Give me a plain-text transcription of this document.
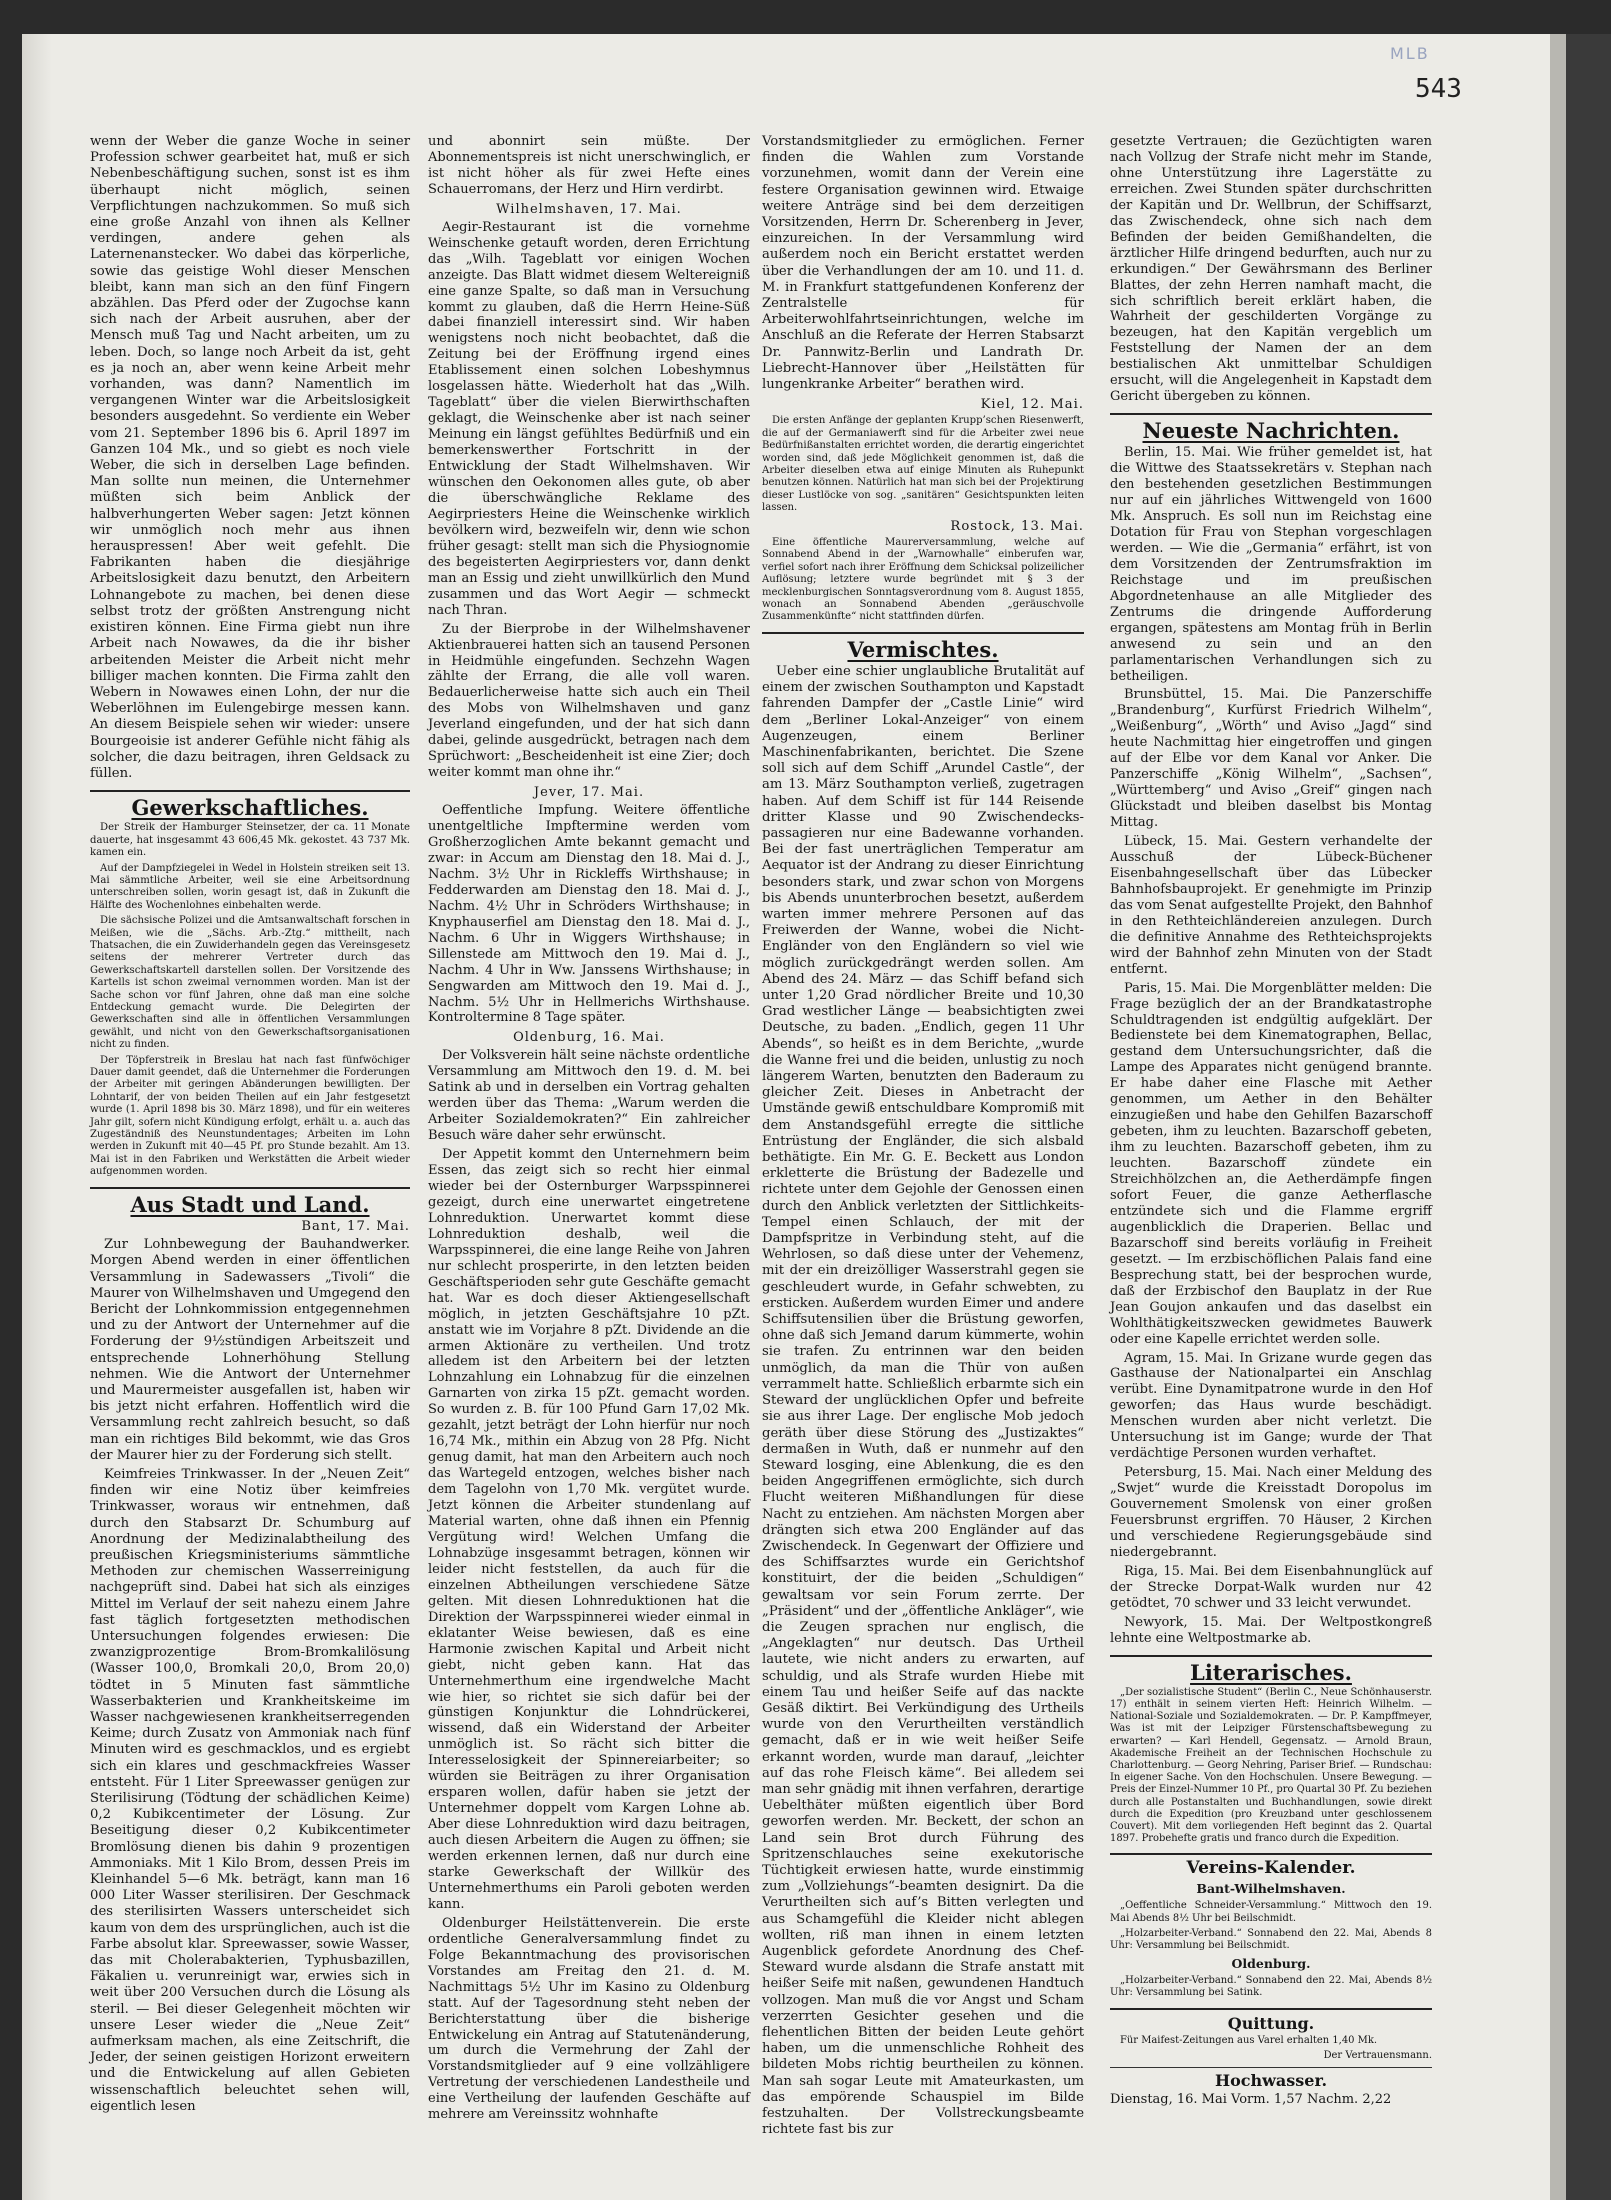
MLB
543

wenn der Weber die ganze Woche in seiner Profession schwer gearbeitet hat, muß er sich Nebenbeschäftigung suchen, sonst ist es ihm überhaupt nicht möglich, seinen Verpflichtungen nachzukommen. So muß sich eine große Anzahl von ihnen als Kellner verdingen, andere gehen als Laternenanstecker. Wo dabei das körperliche, sowie das geistige Wohl dieser Menschen bleibt, kann man sich an den fünf Fingern abzählen. Das Pferd oder der Zugochse kann sich nach der Arbeit ausruhen, aber der Mensch muß Tag und Nacht arbeiten, um zu leben. Doch, so lange noch Arbeit da ist, geht es ja noch an, aber wenn keine Arbeit mehr vorhanden, was dann? Namentlich im vergangenen Winter war die Arbeitslosigkeit besonders ausgedehnt. So verdiente ein Weber vom 21. September 1896 bis 6. April 1897 im Ganzen 104 Mk., und so giebt es noch viele Weber, die sich in derselben Lage befinden. Man sollte nun meinen, die Unternehmer müßten sich beim Anblick der halbverhungerten Weber sagen: Jetzt können wir unmöglich noch mehr aus ihnen herauspressen! Aber weit gefehlt. Die Fabrikanten haben die diesjährige Arbeitslosigkeit dazu benutzt, den Arbeitern Lohnangebote zu machen, bei denen diese selbst trotz der größten Anstrengung nicht existiren können. Eine Firma giebt nun ihre Arbeit nach Nowawes, da die ihr bisher arbeitenden Meister die Arbeit nicht mehr billiger machen konnten. Die Firma zahlt den Webern in Nowawes einen Lohn, der nur die Weberlöhnen im Eulengebirge messen kann. An diesem Beispiele sehen wir wieder: unsere Bourgeoisie ist anderer Gefühle nicht fähig als solcher, die dazu beitragen, ihren Geldsack zu füllen.

Gewerkschaftliches.

Der Streik der Hamburger Steinsetzer, der ca. 11 Monate dauerte, hat insgesammt 43 606,45 Mk. gekostet. 43 737 Mk. kamen ein.

Auf der Dampfziegelei in Wedel in Holstein streiken seit 13. Mai sämmtliche Arbeiter, weil sie eine Arbeitsordnung unterschreiben sollen, worin gesagt ist, daß in Zukunft die Hälfte des Wochenlohnes einbehalten werde.

Die sächsische Polizei und die Amtsanwaltschaft forschen in Meißen, wie die „Sächs. Arb.-Ztg.“ mittheilt, nach Thatsachen, die ein Zuwiderhandeln gegen das Vereinsgesetz seitens der mehrerer Vertreter durch das Gewerkschaftskartell darstellen sollen. Der Vorsitzende des Kartells ist schon zweimal vernommen worden. Man ist der Sache schon vor fünf Jahren, ohne daß man eine solche Entdeckung gemacht wurde. Die Delegirten der Gewerkschaften sind alle in öffentlichen Versammlungen gewählt, und nicht von den Gewerkschaftsorganisationen nicht zu finden.

Der Töpferstreik in Breslau hat nach fast fünfwöchiger Dauer damit geendet, daß die Unternehmer die Forderungen der Arbeiter mit geringen Abänderungen bewilligten. Der Lohntarif, der von beiden Theilen auf ein Jahr festgesetzt wurde (1. April 1898 bis 30. März 1898), und für ein weiteres Jahr gilt, sofern nicht Kündigung erfolgt, erhält u. a. auch das Zugeständniß des Neunstundentages; Arbeiten im Lohn werden in Zukunft mit 40—45 Pf. pro Stunde bezahlt. Am 13. Mai ist in den Fabriken und Werkstätten die Arbeit wieder aufgenommen worden.

Aus Stadt und Land.
Bant, 17. Mai.

Zur Lohnbewegung der Bauhandwerker. Morgen Abend werden in einer öffentlichen Versammlung in Sadewassers „Tivoli“ die Maurer von Wilhelmshaven und Umgegend den Bericht der Lohnkommission entgegennehmen und zu der Antwort der Unternehmer auf die Forderung der 9½stündigen Arbeitszeit und entsprechende Lohnerhöhung Stellung nehmen. Wie die Antwort der Unternehmer und Maurermeister ausgefallen ist, haben wir bis jetzt nicht erfahren. Hoffentlich wird die Versammlung recht zahlreich besucht, so daß man ein richtiges Bild bekommt, wie das Gros der Maurer hier zu der Forderung sich stellt.

Keimfreies Trinkwasser. In der „Neuen Zeit“ finden wir eine Notiz über keimfreies Trinkwasser, woraus wir entnehmen, daß durch den Stabsarzt Dr. Schumburg auf Anordnung der Medizinalabtheilung des preußischen Kriegsministeriums sämmtliche Methoden zur chemischen Wasserreinigung nachgeprüft sind. Dabei hat sich als einziges Mittel im Verlauf der seit nahezu einem Jahre fast täglich fortgesetzten methodischen Untersuchungen folgendes erwiesen: Die zwanzigprozentige Brom-Bromkalilösung (Wasser 100,0, Bromkali 20,0, Brom 20,0) tödtet in 5 Minuten fast sämmtliche Wasserbakterien und Krankheitskeime im Wasser nachgewiesenen krankheitserregenden Keime; durch Zusatz von Ammoniak nach fünf Minuten wird es geschmacklos, und es ergiebt sich ein klares und geschmackfreies Wasser entsteht. Für 1 Liter Spreewasser genügen zur Sterilisirung (Tödtung der schädlichen Keime) 0,2 Kubikcentimeter der Lösung. Zur Beseitigung dieser 0,2 Kubikcentimeter Bromlösung dienen bis dahin 9 prozentigen Ammoniaks. Mit 1 Kilo Brom, dessen Preis im Kleinhandel 5—6 Mk. beträgt, kann man 16 000 Liter Wasser sterilisiren. Der Geschmack des sterilisirten Wassers unterscheidet sich kaum von dem des ursprünglichen, auch ist die Farbe absolut klar. Spreewasser, sowie Wasser, das mit Cholerabakterien, Typhusbazillen, Fäkalien u. verunreinigt war, erwies sich in weit über 200 Versuchen durch die Lösung als steril. — Bei dieser Gelegenheit möchten wir unsere Leser wieder die „Neue Zeit“ aufmerksam machen, als eine Zeitschrift, die Jeder, der seinen geistigen Horizont erweitern und die Entwickelung auf allen Gebieten wissenschaftlich beleuchtet sehen will, eigentlich lesen

und abonnirt sein müßte. Der Abonnementspreis ist nicht unerschwinglich, er ist nicht höher als für zwei Hefte eines Schauerromans, der Herz und Hirn verdirbt.

Wilhelmshaven, 17. Mai.

Aegir-Restaurant ist die vornehme Weinschenke getauft worden, deren Errichtung das „Wilh. Tageblatt vor einigen Wochen anzeigte. Das Blatt widmet diesem Weltereigniß eine ganze Spalte, so daß man in Versuchung kommt zu glauben, daß die Herrn Heine-Süß dabei finanziell interessirt sind. Wir haben wenigstens noch nicht beobachtet, daß die Zeitung bei der Eröffnung irgend eines Etablissement einen solchen Lobeshymnus losgelassen hätte. Wiederholt hat das „Wilh. Tageblatt“ über die vielen Bierwirthschaften geklagt, die Weinschenke aber ist nach seiner Meinung ein längst gefühltes Bedürfniß und ein bemerkenswerther Fortschritt in der Entwicklung der Stadt Wilhelmshaven. Wir wünschen den Oekonomen alles gute, ob aber die überschwängliche Reklame des Aegirpriesters Heine die Weinschenke wirklich bevölkern wird, bezweifeln wir, denn wie schon früher gesagt: stellt man sich die Physiognomie des begeisterten Aegirpriesters vor, dann denkt man an Essig und zieht unwillkürlich den Mund zusammen und das Wort Aegir — schmeckt nach Thran.

Zu der Bierprobe in der Wilhelmshavener Aktienbrauerei hatten sich an tausend Personen in Heidmühle eingefunden. Sechzehn Wagen zählte der Errang, die alle voll waren. Bedauerlicherweise hatte sich auch ein Theil des Mobs von Wilhelmshaven und ganz Jeverland eingefunden, und der hat sich dann dabei, gelinde ausgedrückt, betragen nach dem Sprüchwort: „Bescheidenheit ist eine Zier; doch weiter kommt man ohne ihr.“

Jever, 17. Mai.

Oeffentliche Impfung. Weitere öffentliche unentgeltliche Impftermine werden vom Großherzoglichen Amte bekannt gemacht und zwar: in Accum am Dienstag den 18. Mai d. J., Nachm. 3½ Uhr in Rickleffs Wirthshause; in Fedderwarden am Dienstag den 18. Mai d. J., Nachm. 4½ Uhr in Schröders Wirthshause; in Knyphauserfiel am Dienstag den 18. Mai d. J., Nachm. 6 Uhr in Wiggers Wirthshause; in Sillenstede am Mittwoch den 19. Mai d. J., Nachm. 4 Uhr in Ww. Janssens Wirthshause; in Sengwarden am Mittwoch den 19. Mai d. J., Nachm. 5½ Uhr in Hellmerichs Wirthshause. Kontroltermine 8 Tage später.

Oldenburg, 16. Mai.

Der Volksverein hält seine nächste ordentliche Versammlung am Mittwoch den 19. d. M. bei Satink ab und in derselben ein Vortrag gehalten werden über das Thema: „Warum werden die Arbeiter Sozialdemokraten?“ Ein zahlreicher Besuch wäre daher sehr erwünscht.

Der Appetit kommt den Unternehmern beim Essen, das zeigt sich so recht hier einmal wieder bei der Osternburger Warpsspinnerei gezeigt, durch eine unerwartet eingetretene Lohnreduktion. Unerwartet kommt diese Lohnreduktion deshalb, weil die Warpsspinnerei, die eine lange Reihe von Jahren nur schlecht prosperirte, in den letzten beiden Geschäftsperioden sehr gute Geschäfte gemacht hat. War es doch dieser Aktiengesellschaft möglich, in jetzten Geschäftsjahre 10 pZt. anstatt wie im Vorjahre 8 pZt. Dividende an die armen Aktionäre zu vertheilen. Und trotz alledem ist den Arbeitern bei der letzten Lohnzahlung ein Lohnabzug für die einzelnen Garnarten von zirka 15 pZt. gemacht worden. So wurden z. B. für 100 Pfund Garn 17,02 Mk. gezahlt, jetzt beträgt der Lohn hierfür nur noch 16,74 Mk., mithin ein Abzug von 28 Pfg. Nicht genug damit, hat man den Arbeitern auch noch das Wartegeld entzogen, welches bisher nach dem Tagelohn von 1,70 Mk. vergütet wurde. Jetzt können die Arbeiter stundenlang auf Material warten, ohne daß ihnen ein Pfennig Vergütung wird! Welchen Umfang die Lohnabzüge insgesammt betragen, können wir leider nicht feststellen, da auch für die einzelnen Abtheilungen verschiedene Sätze gelten. Mit diesen Lohnreduktionen hat die Direktion der Warpsspinnerei wieder einmal in eklatanter Weise bewiesen, daß es eine Harmonie zwischen Kapital und Arbeit nicht giebt, nicht geben kann. Hat das Unternehmerthum eine irgendwelche Macht wie hier, so richtet sie sich dafür bei der günstigen Konjunktur die Lohndrückerei, wissend, daß ein Widerstand der Arbeiter unmöglich ist. So rächt sich bitter die Interesselosigkeit der Spinnereiarbeiter; so würden sie Beiträgen zu ihrer Organisation ersparen wollen, dafür haben sie jetzt der Unternehmer doppelt vom Kargen Lohne ab. Aber diese Lohnreduktion wird dazu beitragen, auch diesen Arbeitern die Augen zu öffnen; sie werden erkennen lernen, daß nur durch eine starke Gewerkschaft der Willkür des Unternehmerthums ein Paroli geboten werden kann.

Oldenburger Heilstättenverein. Die erste ordentliche Generalversammlung findet zu Folge Bekanntmachung des provisorischen Vorstandes am Freitag den 21. d. M. Nachmittags 5½ Uhr im Kasino zu Oldenburg statt. Auf der Tagesordnung steht neben der Berichterstattung über die bisherige Entwickelung ein Antrag auf Statutenänderung, um durch die Vermehrung der Zahl der Vorstandsmitglieder auf 9 eine vollzähligere Vertretung der verschiedenen Landestheile und eine Vertheilung der laufenden Geschäfte auf mehrere am Vereinssitz wohnhafte

Vorstandsmitglieder zu ermöglichen. Ferner finden die Wahlen zum Vorstande vorzunehmen, womit dann der Verein eine festere Organisation gewinnen wird. Etwaige weitere Anträge sind bei dem derzeitigen Vorsitzenden, Herrn Dr. Scherenberg in Jever, einzureichen. In der Versammlung wird außerdem noch ein Bericht erstattet werden über die Verhandlungen der am 10. und 11. d. M. in Frankfurt stattgefundenen Konferenz der Zentralstelle für Arbeiterwohlfahrtseinrichtungen, welche im Anschluß an die Referate der Herren Stabsarzt Dr. Pannwitz-Berlin und Landrath Dr. Liebrecht-Hannover über „Heilstätten für lungenkranke Arbeiter“ berathen wird.

Kiel, 12. Mai.

Die ersten Anfänge der geplanten Krupp’schen Riesenwerft, die auf der Germaniawerft sind für die Arbeiter zwei neue Bedürfnißanstalten errichtet worden, die derartig eingerichtet worden sind, daß jede Möglichkeit genommen ist, daß die Arbeiter dieselben etwa auf einige Minuten als Ruhepunkt benutzen können. Natürlich hat man sich bei der Projektirung dieser Lustlöcke von sog. „sanitären“ Gesichtspunkten leiten lassen.

Rostock, 13. Mai.

Eine öffentliche Maurerversammlung, welche auf Sonnabend Abend in der „Warnowhalle“ einberufen war, verfiel sofort nach ihrer Eröffnung dem Schicksal polizeilicher Auflösung; letztere wurde begründet mit § 3 der mecklenburgischen Sonntagsverordnung vom 8. August 1855, wonach an Sonnabend Abenden „geräuschvolle Zusammenkünfte“ nicht stattfinden dürfen.

Vermischtes.

Ueber eine schier unglaubliche Brutalität auf einem der zwischen Southampton und Kapstadt fahrenden Dampfer der „Castle Linie“ wird dem „Berliner Lokal-Anzeiger“ von einem Augenzeugen, einem Berliner Maschinenfabrikanten, berichtet. Die Szene soll sich auf dem Schiff „Arundel Castle“, der am 13. März Southampton verließ, zugetragen haben. Auf dem Schiff ist für 144 Reisende dritter Klasse und 90 Zwischendecks-passagieren nur eine Badewanne vorhanden. Bei der fast unerträglichen Temperatur am Aequator ist der Andrang zu dieser Einrichtung besonders stark, und zwar schon von Morgens bis Abends ununterbrochen besetzt, außerdem warten immer mehrere Personen auf das Freiwerden der Wanne, wobei die Nicht-Engländer von den Engländern so viel wie möglich zurückgedrängt werden sollen. Am Abend des 24. März — das Schiff befand sich unter 1,20 Grad nördlicher Breite und 10,30 Grad westlicher Länge — beabsichtigten zwei Deutsche, zu baden. „Endlich, gegen 11 Uhr Abends“, so heißt es in dem Berichte, „wurde die Wanne frei und die beiden, unlustig zu noch längerem Warten, benutzten den Baderaum zu gleicher Zeit. Dieses in Anbetracht der Umstände gewiß entschuldbare Kompromiß mit dem Anstandsgefühl erregte die sittliche Entrüstung der Engländer, die sich alsbald bethätigte. Ein Mr. G. E. Beckett aus London erkletterte die Brüstung der Badezelle und richtete unter dem Gejohle der Genossen einen durch den Anblick verletzten der Sittlichkeits-Tempel einen Schlauch, der mit der Dampfspritze in Verbindung steht, auf die Wehrlosen, so daß diese unter der Vehemenz, mit der ein dreizölliger Wasserstrahl gegen sie geschleudert wurde, in Gefahr schwebten, zu ersticken. Außerdem wurden Eimer und andere Schiffsutensilien über die Brüstung geworfen, ohne daß sich Jemand darum kümmerte, wohin sie trafen. Zu entrinnen war den beiden unmöglich, da man die Thür von außen verrammelt hatte. Schließlich erbarmte sich ein Steward der unglücklichen Opfer und befreite sie aus ihrer Lage. Der englische Mob jedoch geräth über diese Störung des „Justizaktes“ dermaßen in Wuth, daß er nunmehr auf den Steward losging, eine Ablenkung, die es den beiden Angegriffenen ermöglichte, sich durch Flucht weiteren Mißhandlungen für diese Nacht zu entziehen. Am nächsten Morgen aber drängten sich etwa 200 Engländer auf das Zwischendeck. In Gegenwart der Offiziere und des Schiffsarztes wurde ein Gerichtshof konstituirt, der die beiden „Schuldigen“ gewaltsam vor sein Forum zerrte. Der „Präsident“ und der „öffentliche Ankläger“, wie die Zeugen sprachen nur englisch, die „Angeklagten“ nur deutsch. Das Urtheil lautete, wie nicht anders zu erwarten, auf schuldig, und als Strafe wurden Hiebe mit einem Tau und heißer Seife auf das nackte Gesäß diktirt. Bei Verkündigung des Urtheils wurde von den Verurtheilten verständlich gemacht, daß er in wie weit heißer Seife erkannt worden, wurde man darauf, „leichter auf das rohe Fleisch käme“. Bei alledem sei man sehr gnädig mit ihnen verfahren, derartige Uebelthäter müßten eigentlich über Bord geworfen werden. Mr. Beckett, der schon an Land sein Brot durch Führung des Spritzenschlauches seine exekutorische Tüchtigkeit erwiesen hatte, wurde einstimmig zum „Vollziehungs“-beamten designirt. Da die Verurtheilten sich auf’s Bitten verlegten und aus Schamgefühl die Kleider nicht ablegen wollten, riß man ihnen in einem letzten Augenblick gefordete Anordnung des Chef-Steward wurde alsdann die Strafe anstatt mit heißer Seife mit naßen, gewundenen Handtuch vollzogen. Man muß die vor Angst und Scham verzerrten Gesichter gesehen und die flehentlichen Bitten der beiden Leute gehört haben, um die unmenschliche Rohheit des bildeten Mobs richtig beurtheilen zu können. Man sah sogar Leute mit Amateurkasten, um das empörende Schauspiel im Bilde festzuhalten. Der Vollstreckungsbeamte richtete fast bis zur

gesetzte Vertrauen; die Gezüchtigten waren nach Vollzug der Strafe nicht mehr im Stande, ohne Unterstützung ihre Lagerstätte zu erreichen. Zwei Stunden später durchschritten der Kapitän und Dr. Wellbrun, der Schiffsarzt, das Zwischendeck, ohne sich nach dem Befinden der beiden Gemißhandelten, die ärztlicher Hilfe dringend bedurften, auch nur zu erkundigen.“ Der Gewährsmann des Berliner Blattes, der zehn Herren namhaft macht, die sich schriftlich bereit erklärt haben, die Wahrheit der geschilderten Vorgänge zu bezeugen, hat den Kapitän vergeblich um Feststellung der Namen der an dem bestialischen Akt unmittelbar Schuldigen ersucht, will die Angelegenheit in Kapstadt dem Gericht übergeben zu können.

Neueste Nachrichten.

Berlin, 15. Mai. Wie früher gemeldet ist, hat die Wittwe des Staatssekretärs v. Stephan nach den bestehenden gesetzlichen Bestimmungen nur auf ein jährliches Wittwengeld von 1600 Mk. Anspruch. Es soll nun im Reichstag eine Dotation für Frau von Stephan vorgeschlagen werden. — Wie die „Germania“ erfährt, ist von dem Vorsitzenden der Zentrumsfraktion im Reichstage und im preußischen Abgordnetenhause an alle Mitglieder des Zentrums die dringende Aufforderung ergangen, spätestens am Montag früh in Berlin anwesend zu sein und an den parlamentarischen Verhandlungen sich zu betheiligen.

Brunsbüttel, 15. Mai. Die Panzerschiffe „Brandenburg“, Kurfürst Friedrich Wilhelm“, „Weißenburg“, „Wörth“ und Aviso „Jagd“ sind heute Nachmittag hier eingetroffen und gingen auf der Elbe vor dem Kanal vor Anker. Die Panzerschiffe „König Wilhelm“, „Sachsen“, „Württemberg“ und Aviso „Greif“ gingen nach Glückstadt und bleiben daselbst bis Montag Mittag.

Lübeck, 15. Mai. Gestern verhandelte der Ausschuß der Lübeck-Büchener Eisenbahngesellschaft über das Lübecker Bahnhofsbauprojekt. Er genehmigte im Prinzip das vom Senat aufgestellte Projekt, den Bahnhof in den Rethteichländereien anzulegen. Durch die definitive Annahme des Rethteichsprojekts wird der Bahnhof zehn Minuten von der Stadt entfernt.

Paris, 15. Mai. Die Morgenblätter melden: Die Frage bezüglich der an der Brandkatastrophe Schuldtragenden ist endgültig aufgeklärt. Der Bedienstete bei dem Kinematographen, Bellac, gestand dem Untersuchungsrichter, daß die Lampe des Apparates nicht genügend brannte. Er habe daher eine Flasche mit Aether genommen, um Aether in den Behälter einzugießen und habe den Gehilfen Bazarschoff gebeten, ihm zu leuchten. Bazarschoff gebeten, ihm zu leuchten. Bazarschoff gebeten, ihm zu leuchten. Bazarschoff zündete ein Streichhölzchen an, die Aetherdämpfe fingen sofort Feuer, die ganze Aetherflasche entzündete sich und die Flamme ergriff augenblicklich die Draperien. Bellac und Bazarschoff sind bereits vorläufig in Freiheit gesetzt. — Im erzbischöflichen Palais fand eine Besprechung statt, bei der besprochen wurde, daß der Erzbischof den Bauplatz in der Rue Jean Goujon ankaufen und das daselbst ein Wohlthätigkeitszwecken gewidmetes Bauwerk oder eine Kapelle errichtet werden solle.

Agram, 15. Mai. In Grizane wurde gegen das Gasthause der Nationalpartei ein Anschlag verübt. Eine Dynamitpatrone wurde in den Hof geworfen; das Haus wurde beschädigt. Menschen wurden aber nicht verletzt. Die Untersuchung ist im Gange; wurde der That verdächtige Personen wurden verhaftet.

Petersburg, 15. Mai. Nach einer Meldung des „Swjet“ wurde die Kreisstadt Doropolus im Gouvernement Smolensk von einer großen Feuersbrunst ergriffen. 70 Häuser, 2 Kirchen und verschiedene Regierungsgebäude sind niedergebrannt.

Riga, 15. Mai. Bei dem Eisenbahnunglück auf der Strecke Dorpat-Walk wurden nur 42 getödtet, 70 schwer und 33 leicht verwundet.

Newyork, 15. Mai. Der Weltpostkongreß lehnte eine Weltpostmarke ab.

Literarisches.

„Der sozialistische Student“ (Berlin C., Neue Schönhauserstr. 17) enthält in seinem vierten Heft: Heinrich Wilhelm. — National-Soziale und Sozialdemokraten. — Dr. P. Kampffmeyer, Was ist mit der Leipziger Fürstenschaftsbewegung zu erwarten? — Karl Hendell, Gegensatz. — Arnold Braun, Akademische Freiheit an der Technischen Hochschule zu Charlottenburg. — Georg Nehring, Pariser Brief. — Rundschau: In eigener Sache. Von den Hochschulen. Unsere Bewegung. — Preis der Einzel-Nummer 10 Pf., pro Quartal 30 Pf. Zu beziehen durch alle Postanstalten und Buchhandlungen, sowie direkt durch die Expedition (pro Kreuzband unter geschlossenem Couvert). Mit dem vorliegenden Heft beginnt das 2. Quartal 1897. Probehefte gratis und franco durch die Expedition.

Vereins-Kalender.
Bant-Wilhelmshaven.

„Oeffentliche Schneider-Versammlung.“ Mittwoch den 19. Mai Abends 8½ Uhr bei Beilschmidt.

„Holzarbeiter-Verband.“ Sonnabend den 22. Mai, Abends 8 Uhr: Versammlung bei Beilschmidt.

Oldenburg.

„Holzarbeiter-Verband.“ Sonnabend den 22. Mai, Abends 8½ Uhr: Versammlung bei Satink.

Quittung.

Für Maifest-Zeitungen aus Varel erhalten 1,40 Mk.

Der Vertrauensmann.

Hochwasser.

Dienstag, 16. Mai Vorm. 1,57 Nachm. 2,22
